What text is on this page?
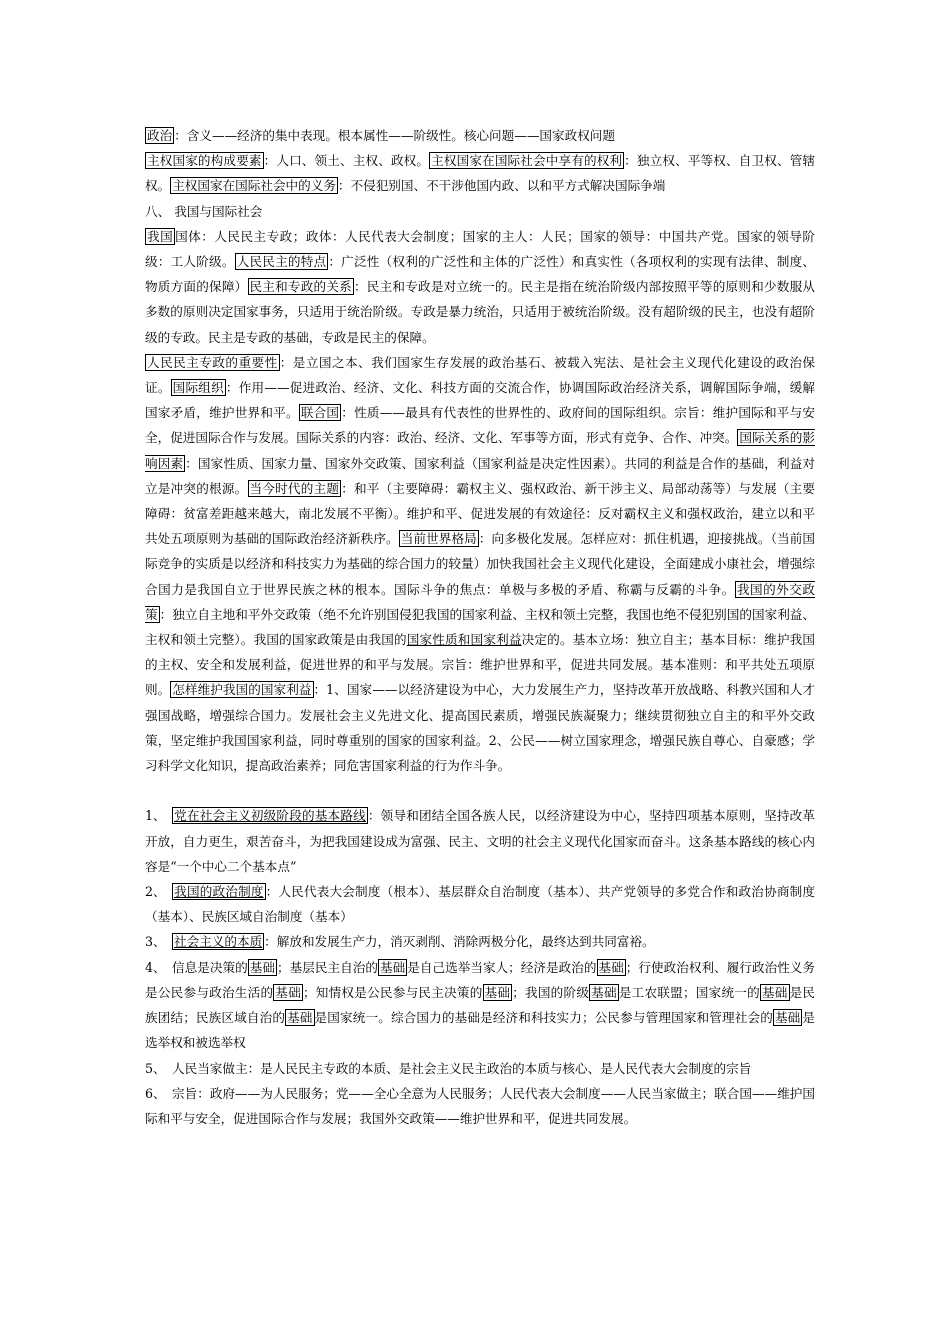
政治 ：含义——经济的集中表现。根本属性——阶级性。核心问题——国家政权问题

主权国家的构成要素 ：人口、领土、主权、政权。 主权国家在国际社会中享有的权利 ：独立权、平等权、自卫权、管辖权。 主权国家在国际社会中的义务 ：不侵犯别国、不干涉他国内政、以和平方式解决国际争端

八、 我国与国际社会

我国 国体：人民民主专政；政体：人民代表大会制度；国家的主人：人民；国家的领导：中国共产党。国家的领导阶级：工人阶级。 人民民主的特点 ：广泛性（权利的广泛性和主体的广泛性）和真实性（各项权利的实现有法律、制度、物质方面的保障） 民主和专政的关系 ：民主和专政是对立统一的。民主是指在统治阶级内部按照平等的原则和少数服从多数的原则决定国家事务，只适用于统治阶级。专政是暴力统治，只适用于被统治阶级。没有超阶级的民主，也没有超阶级的专政。民主是专政的基础，专政是民主的保障。

人民民主专政的重要性 ：是立国之本、我们国家生存发展的政治基石、被载入宪法、是社会主义现代化建设的政治保证。 国际组织 ：作用——促进政治、经济、文化、科技方面的交流合作，协调国际政治经济关系，调解国际争端，缓解国家矛盾，维护世界和平。 联合国 ：性质——最具有代表性的世界性的、政府间的国际组织。宗旨：维护国际和平与安全，促进国际合作与发展。国际关系的内容：政治、经济、文化、军事等方面，形式有竞争、合作、冲突。 国际关系的影响因素 ：国家性质、国家力量、国家外交政策、国家利益（国家利益是决定性因素）。共同的利益是合作的基础，利益对立是冲突的根源。 当今时代的主题 ：和平（主要障碍：霸权主义、强权政治、新干涉主义、局部动荡等）与发展（主要障碍：贫富差距越来越大，南北发展不平衡）。维护和平、促进发展的有效途径：反对霸权主义和强权政治，建立以和平共处五项原则为基础的国际政治经济新秩序。 当前世界格局 ：向多极化发展。怎样应对：抓住机遇，迎接挑战。（当前国际竞争的实质是以经济和科技实力为基础的综合国力的较量）加快我国社会主义现代化建设，全面建成小康社会，增强综合国力是我国自立于世界民族之林的根本。国际斗争的焦点：单极与多极的矛盾、称霸与反霸的斗争。 我国的外交政策 ：独立自主地和平外交政策（绝不允许别国侵犯我国的国家利益、主权和领土完整，我国也绝不侵犯别国的国家利益、主权和领土完整）。我国的国家政策是由我国的国家性质和国家利益决定的。基本立场：独立自主；基本目标：维护我国的主权、安全和发展利益，促进世界的和平与发展。宗旨：维护世界和平，促进共同发展。基本准则：和平共处五项原则。 怎样维护我国的国家利益 ：1、国家——以经济建设为中心，大力发展生产力，坚持改革开放战略、科教兴国和人才强国战略，增强综合国力。发展社会主义先进文化、提高国民素质，增强民族凝聚力；继续贯彻独立自主的和平外交政策，坚定维护我国国家利益，同时尊重别的国家的国家利益。2、公民——树立国家理念，增强民族自尊心、自豪感；学习科学文化知识，提高政治素养；同危害国家利益的行为作斗争。

1、 党在社会主义初级阶段的基本路线 ：领导和团结全国各族人民，以经济建设为中心，坚持四项基本原则，坚持改革开放，自力更生，艰苦奋斗，为把我国建设成为富强、民主、文明的社会主义现代化国家而奋斗。这条基本路线的核心内容是“一个中心二个基本点”

2、 我国的政治制度 ：人民代表大会制度（根本）、基层群众自治制度（基本）、共产党领导的多党合作和政治协商制度（基本）、民族区域自治制度（基本）

3、 社会主义的本质 ：解放和发展生产力，消灭剥削、消除两极分化，最终达到共同富裕。

4、 信息是决策的 基础 ；基层民主自治的 基础 是自己选举当家人；经济是政治的 基础 ；行使政治权利、履行政治性义务是公民参与政治生活的 基础 ；知情权是公民参与民主决策的 基础 ；我国的阶级 基础 是工农联盟；国家统一的 基础 是民族团结；民族区域自治的 基础 是国家统一。综合国力的基础是经济和科技实力；公民参与管理国家和管理社会的 基础 是选举权和被选举权

5、 人民当家做主：是人民民主专政的本质、是社会主义民主政治的本质与核心、是人民代表大会制度的宗旨

6、 宗旨：政府——为人民服务；党——全心全意为人民服务；人民代表大会制度——人民当家做主；联合国——维护国际和平与安全，促进国际合作与发展；我国外交政策——维护世界和平，促进共同发展。
